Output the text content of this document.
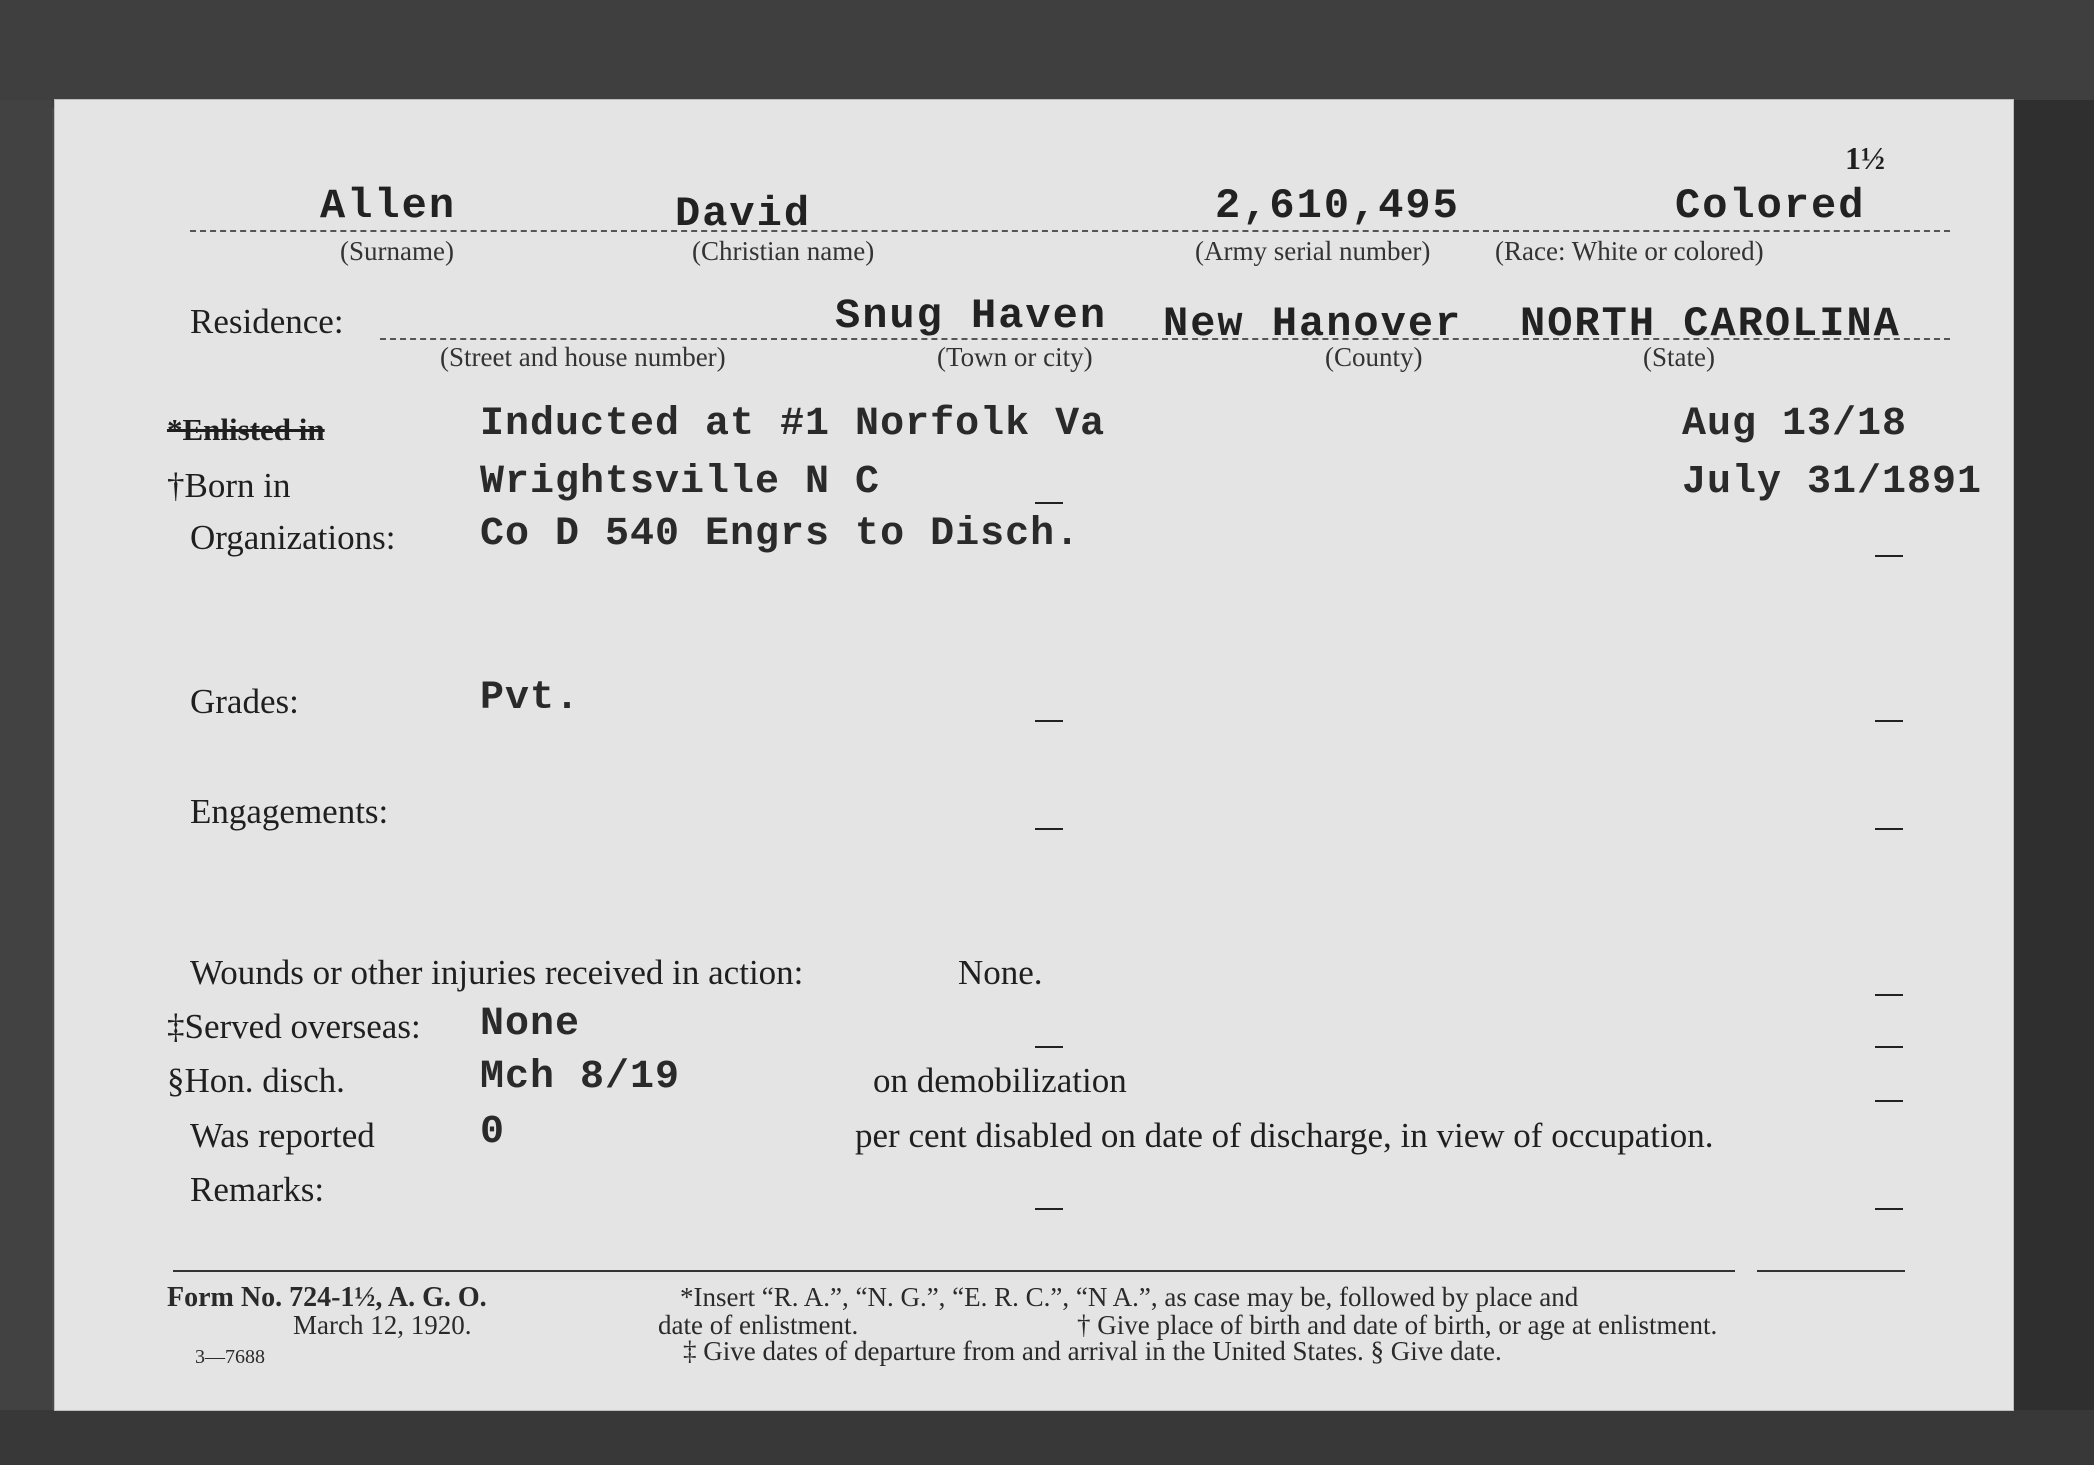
1½
Allen
(Surname)
David
(Christian name)
2,610,495
(Army serial number)
Colored
(Race: White or colored)
Residence:
(Street and house number)
Snug Haven
(Town or city)
New Hanover
(County)
NORTH CAROLINA
(State)
*Enlisted in	Inducted at #1 Norfolk Va	Aug 13/18
†Born in	Wrightsville N C	July 31/1891
Organizations: Co D 540 Engrs to Disch.
Grades:	Pvt.
Engagements:
Wounds or other injuries received in action:	None.
‡Served overseas: None
§Hon. disch.	Mch 8/19	on demobilization
Was reported	0	per cent disabled on date of discharge, in view of occupation.
Remarks:
Form No. 724-1½, A. G. O.
March 12, 1920.
3—7688
*Insert “R. A.”, “N. G.”, “E. R. C.”, “N A.”, as case may be, followed by place and
date of enlistment.	† Give place of birth and date of birth, or age at enlistment.
‡ Give dates of departure from and arrival in the United States. § Give date.
